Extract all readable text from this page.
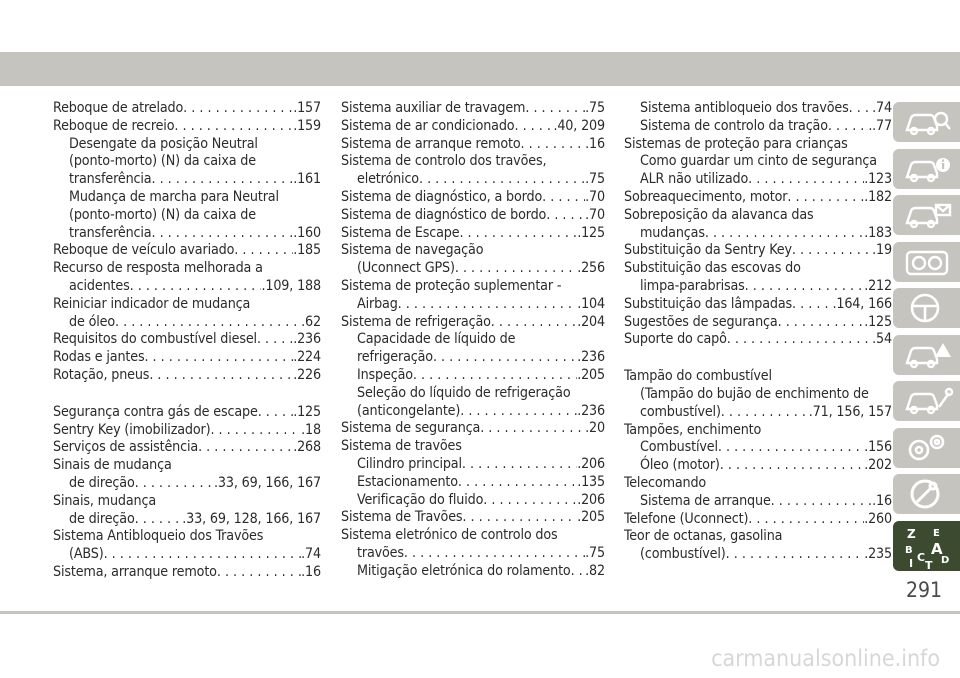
Reboque de atrelado . . .	.157
Reboque de recreio . . .	.159
Desengate da posição Neutral
(ponto-morto) (N) da caixa de
transferência . . .	.161
Mudança de marcha para Neutral
(ponto-morto) (N) da caixa de
transferência . . .	.160
Reboque de veículo avariado . . .	.185
Recurso de resposta melhorada a
acidentes . . .	.109, 188
Reiniciar indicador de mudança
de óleo . . .	.62
Requisitos do combustível diesel . . .	.236
Rodas e jantes . . .	.224
Rotação, pneus . . .	.226
Segurança contra gás de escape . . . .125
Sentry Key (imobilizador) . . .	.18
Serviços de assistência . . .	.268
Sinais de mudança
de direção . . .	.33, 69, 166, 167
Sinais, mudança
de direção . . .	.33, 69, 128, 166, 167
Sistema Antibloqueio dos Travões
(ABS) . . .	.74
Sistema, arranque remoto . . .	.16
Sistema auxiliar de travagem . . .	.75
Sistema de ar condicionado . . .	.40, 209
Sistema de arranque remoto . . .	.16
Sistema de controlo dos travões,
eletrónico . . .	.75
Sistema de diagnóstico, a bordo . . .	.70
Sistema de diagnóstico de bordo . . .	.70
Sistema de Escape . . .	.125
Sistema de navegação
(Uconnect GPS) . . .	.256
Sistema de proteção suplementar -
Airbag . . .	.104
Sistema de refrigeração . . .	.204
Capacidade de líquido de
refrigeração . . .	.236
Inspeção . . .	.205
Seleção do líquido de refrigeração
(anticongelante) . . .	.236
Sistema de segurança . . .	.20
Sistema de travões
Cilindro principal . . .	.206
Estacionamento . . .	.135
Verificação do fluido . . .	.206
Sistema de Travões . . .	.205
Sistema eletrónico de controlo dos
travões . . .	.75
Mitigação eletrónica do rolamento . . . .82
Sistema antibloqueio dos travões . . . .74
Sistema de controlo da tração . . .	.77
Sistemas de proteção para crianças
Como guardar um cinto de segurança
ALR não utilizado . . .	.123
Sobreaquecimento, motor . . .	.182
Sobreposição da alavanca das
mudanças . . .	.183
Substituição da Sentry Key . . .	.19
Substituição das escovas do
limpa-parabrisas . . .	.212
Substituição das lâmpadas . . .	.164, 166
Sugestões de segurança . . .	.125
Suporte do capô . . .	.54
Tampão do combustível
(Tampão do bujão de enchimento de
combustível) . . .	.71, 156, 157
Tampões, enchimento
Combustível . . .	.156
Óleo (motor) . . .	.202
Telecomando
Sistema de arranque . . .	.16
Telefone (Uconnect) . . .	.260
Teor de octanas, gasolina
(combustível) . . .	.235
Z E
B A
I C D
T
291
carmanualsonline.info
